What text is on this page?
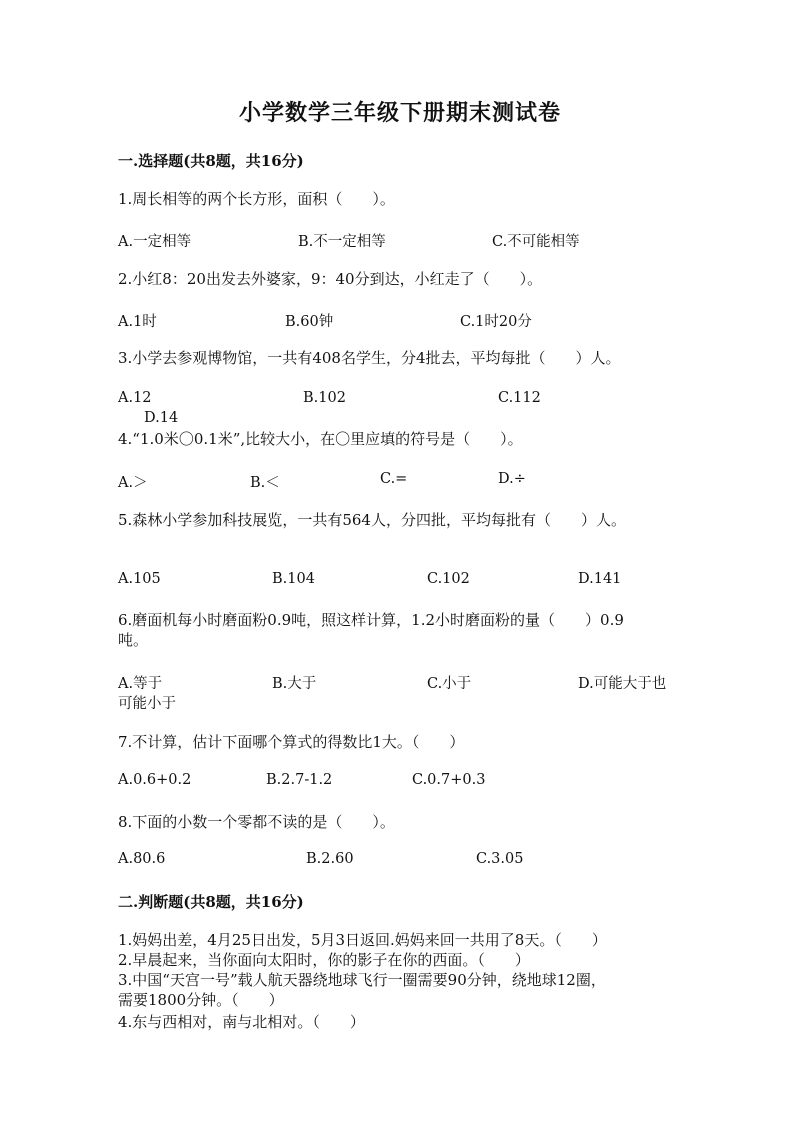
小学数学三年级下册期末测试卷
一.选择题(共8题，共16分)
1.周长相等的两个长方形，面积（　　）。
A.一定相等	B.不一定相等	C.不可能相等
2.小红8：20出发去外婆家，9：40分到达，小红走了（　　）。
A.1时	B.60钟	C.1时20分
3.小学去参观博物馆，一共有408名学生，分4批去，平均每批（　　）人。
A.12	B.102	C.112
D.14
4.“1.0米〇0.1米”,比较大小，在〇里应填的符号是（　　）。
A.＞	B.＜	C.=	D.÷
5.森林小学参加科技展览，一共有564人，分四批，平均每批有（　　）人。
A.105	B.104	C.102	D.141
6.磨面机每小时磨面粉0.9吨，照这样计算，1.2小时磨面粉的量（　　）0.9
吨。
A.等于	B.大于	C.小于	D.可能大于也
可能小于
7.不计算，估计下面哪个算式的得数比1大。（　　）
A.0.6+0.2	B.2.7-1.2	C.0.7+0.3
8.下面的小数一个零都不读的是（　　）。
A.80.6	B.2.60	C.3.05
二.判断题(共8题，共16分)
1.妈妈出差，4月25日出发，5月3日返回.妈妈来回一共用了8天。（　　）
2.早晨起来，当你面向太阳时，你的影子在你的西面。（　　）
3.中国“天宫一号”载人航天器绕地球飞行一圈需要90分钟，绕地球12圈，
需要1800分钟。（　　）
4.东与西相对，南与北相对。（　　）
